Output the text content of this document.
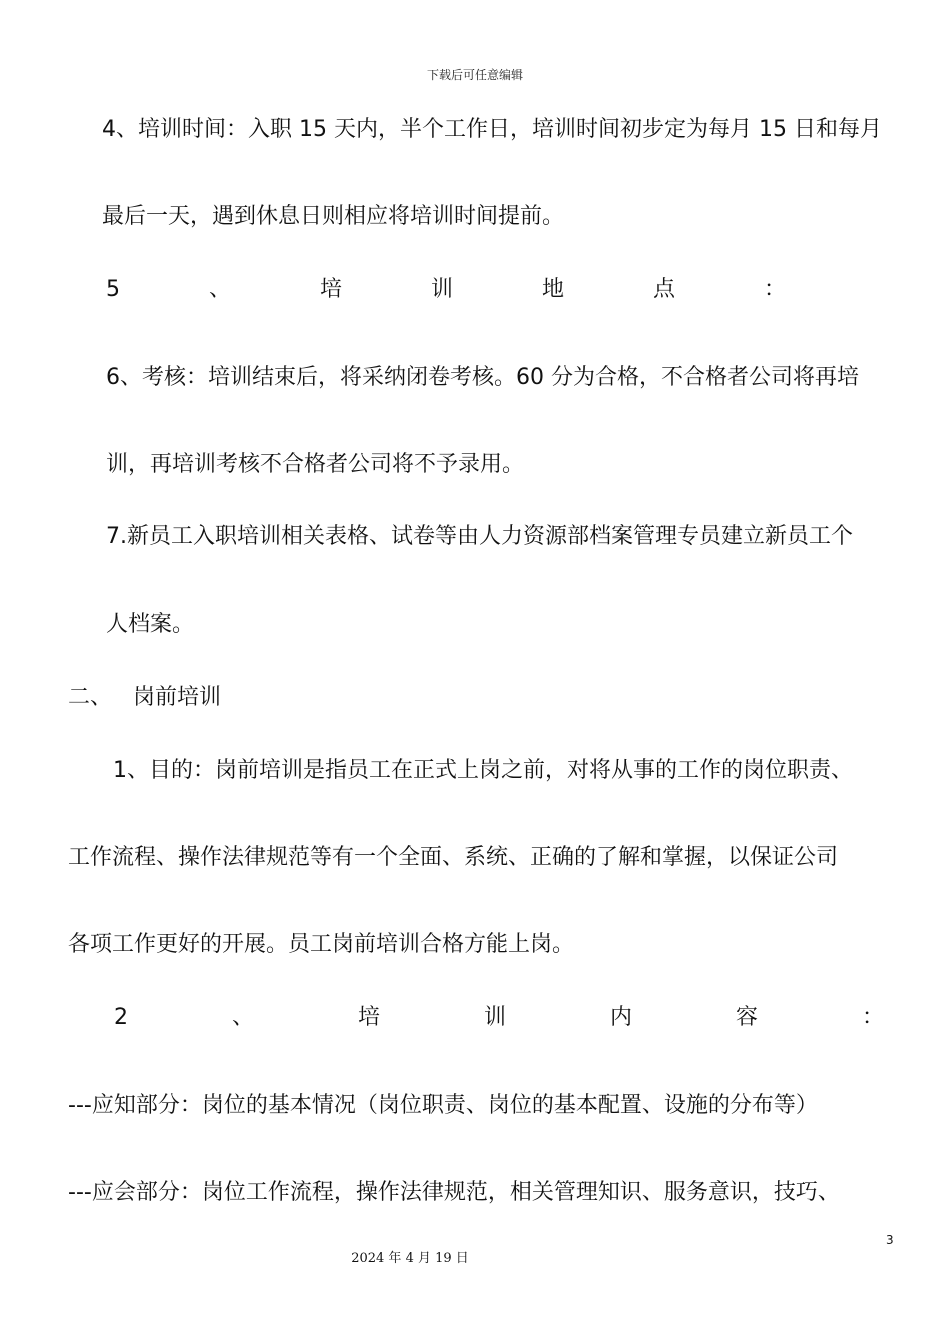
下载后可任意编辑
4、培训时间：入职 15 天内，半个工作日，培训时间初步定为每月 15 日和每月
最后一天，遇到休息日则相应将培训时间提前。
5	、	培	训	地	点	：
6、考核：培训结束后，将采纳闭卷考核。60 分为合格，不合格者公司将再培
训，再培训考核不合格者公司将不予录用。
7.新员工入职培训相关表格、试卷等由人力资源部档案管理专员建立新员工个
人档案。
二、   岗前培训
1、目的：岗前培训是指员工在正式上岗之前，对将从事的工作的岗位职责、
工作流程、操作法律规范等有一个全面、系统、正确的了解和掌握，以保证公司
各项工作更好的开展。员工岗前培训合格方能上岗。
2	、	培	训	内	容	：
---应知部分：岗位的基本情况（岗位职责、岗位的基本配置、设施的分布等）
---应会部分：岗位工作流程，操作法律规范，相关管理知识、服务意识，技巧、
3
2024 年 4 月 19 日
